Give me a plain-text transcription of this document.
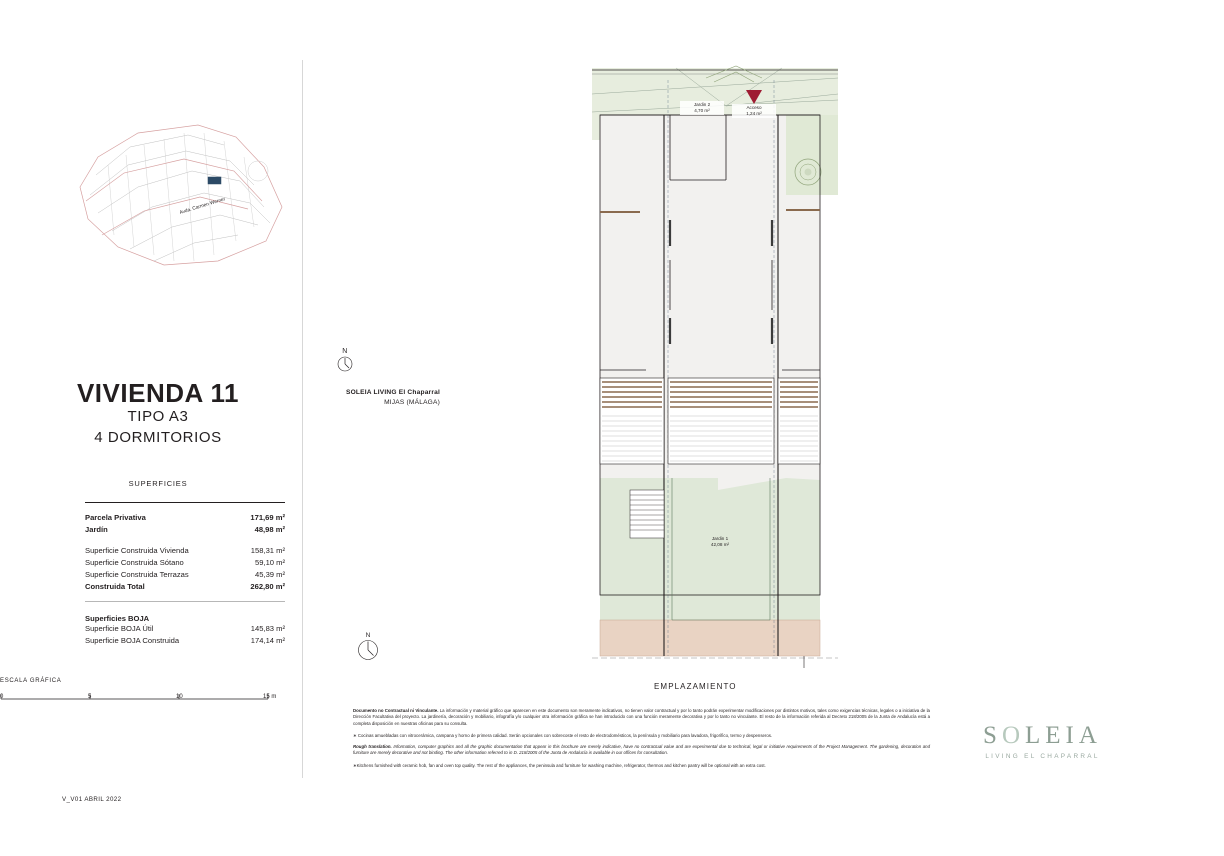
Avda. Carmen Werner
N
SOLEIA LIVING El Chaparral
MIJAS (MÁLAGA)
VIVIENDA 11
TIPO A3
4 DORMITORIOS
SUPERFICIES
Parcela Privativa	171,69 m²
Jardín	48,98 m²
Superficie Construida Vivienda	158,31 m²
Superficie Construida Sótano	59,10 m²
Superficie Construida Terrazas	45,39 m²
Construida Total	262,80 m²
Superficies BOJA
Superficie BOJA Útil	145,83 m²
Superficie BOJA Construida	174,14 m²
V_V01 ABRIL 2022
Jardin 2
4,70 m²
Acceso
1,24 m²
Jardin 1
42,08 m²
N
ESCALA GRÁFICA
0	5	10	15 m
EMPLAZAMIENTO

Documento no Contractual ni Vinculante. La información y material gráfico que aparecen en este documento son meramente indicativos, no tienen valor contractual y por lo tanto podrán experimentar modificaciones por distintos motivos, tales como exigencias técnicas, legales o a iniciativa de la Dirección Facultativa del proyecto. La jardinería, decoración y mobiliario, infografía y/o cualquier otra información gráfica se han introducido con una función meramente decorativa y por lo tanto no vinculante. El resto de la información referida al Decreto 218/2005 de la Junta de Andalucía está a completa disposición en nuestras oficinas para su consulta.

∗ Cocinas amuebladas con vitrocerámica, campana y horno de primera calidad. Serán opcionales con sobrecoste el resto de electrodomésticos, la península y mobiliario para lavadora, frigorífico, termo y despenseros.

Rough translation. Information, computer graphics and all the graphic documentation that appear in this brochure are merely indicative, have no contractual value and are experimental due to technical, legal or initiative requirements of the Project Management. The gardening, decoration and furniture are merely decorative and not binding. The other information referred to in D. 218/2005 of the Junta de Andalucía is available in our offices for consultation.

∗Kitchens furnished with ceramic hob, fan and oven top quality. The rest of the appliances, the peninsula and furniture for washing machine, refrigerator, thermos and kitchen pantry will be optional with an extra cost.

SOLEIA
LIVING EL CHAPARRAL
